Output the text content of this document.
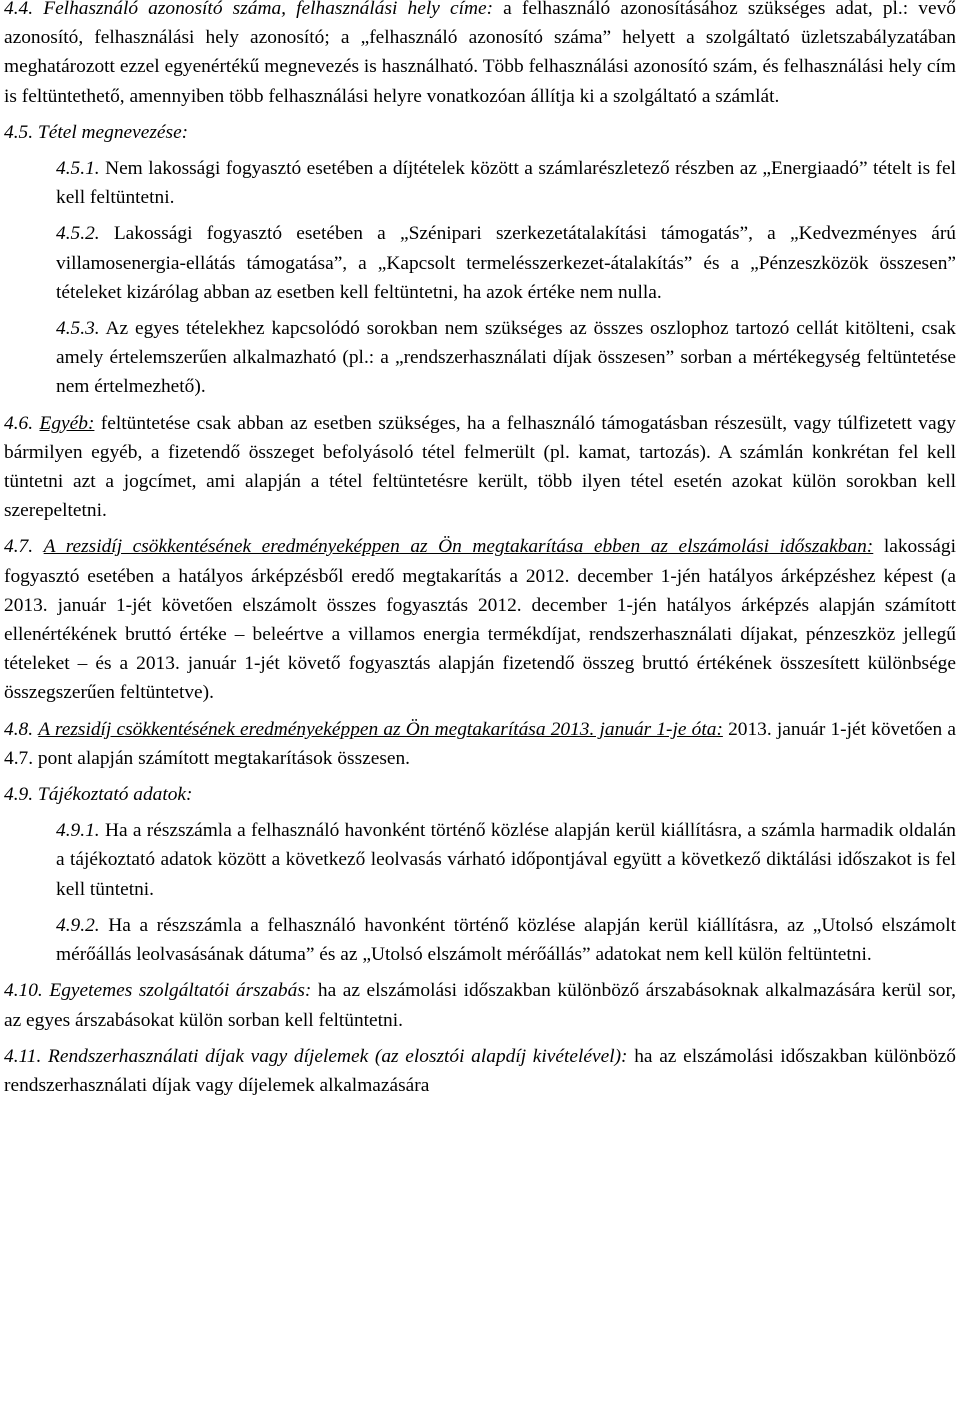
4.4. Felhasználó azonosító száma, felhasználási hely címe: a felhasználó azonosításához szükséges adat, pl.: vevő azonosító, felhasználási hely azonosító; a „felhasználó azonosító száma” helyett a szolgáltató üzletszabályzatában meghatározott ezzel egyenértékű megnevezés is használható. Több felhasználási azonosító szám, és felhasználási hely cím is feltüntethető, amennyiben több felhasználási helyre vonatkozóan állítja ki a szolgáltató a számlát.

4.5. Tétel megnevezése:

4.5.1. Nem lakossági fogyasztó esetében a díjtételek között a számlarészletező részben az „Energiaadó” tételt is fel kell feltüntetni.

4.5.2. Lakossági fogyasztó esetében a „Szénipari szerkezetátalakítási támogatás”, a „Kedvezményes árú villamosenergia-ellátás támogatása”, a „Kapcsolt termelésszerkezet-átalakítás” és a „Pénzeszközök összesen” tételeket kizárólag abban az esetben kell feltüntetni, ha azok értéke nem nulla.

4.5.3. Az egyes tételekhez kapcsolódó sorokban nem szükséges az összes oszlophoz tartozó cellát kitölteni, csak amely értelemszerűen alkalmazható (pl.: a „rendszerhasználati díjak összesen” sorban a mértékegység feltüntetése nem értelmezhető).

4.6. Egyéb: feltüntetése csak abban az esetben szükséges, ha a felhasználó támogatásban részesült, vagy túlfizetett vagy bármilyen egyéb, a fizetendő összeget befolyásoló tétel felmerült (pl. kamat, tartozás). A számlán konkrétan fel kell tüntetni azt a jogcímet, ami alapján a tétel feltüntetésre került, több ilyen tétel esetén azokat külön sorokban kell szerepeltetni.

4.7. A rezsidíj csökkentésének eredményeképpen az Ön megtakarítása ebben az elszámolási időszakban: lakossági fogyasztó esetében a hatályos árképzésből eredő megtakarítás a 2012. december 1-jén hatályos árképzéshez képest (a 2013. január 1-jét követően elszámolt összes fogyasztás 2012. december 1-jén hatályos árképzés alapján számított ellenértékének bruttó értéke – beleértve a villamos energia termékdíjat, rendszerhasználati díjakat, pénzeszköz jellegű tételeket – és a 2013. január 1-jét követő fogyasztás alapján fizetendő összeg bruttó értékének összesített különbsége összegszerűen feltüntetve).

4.8. A rezsidíj csökkentésének eredményeképpen az Ön megtakarítása 2013. január 1-je óta: 2013. január 1-jét követően a 4.7. pont alapján számított megtakarítások összesen.

4.9. Tájékoztató adatok:

4.9.1. Ha a részszámla a felhasználó havonként történő közlése alapján kerül kiállításra, a számla harmadik oldalán a tájékoztató adatok között a következő leolvasás várható időpontjával együtt a következő diktálási időszakot is fel kell tüntetni.

4.9.2. Ha a részszámla a felhasználó havonként történő közlése alapján kerül kiállításra, az „Utolsó elszámolt mérőállás leolvasásának dátuma” és az „Utolsó elszámolt mérőállás” adatokat nem kell külön feltüntetni.

4.10. Egyetemes szolgáltatói árszabás: ha az elszámolási időszakban különböző árszabásoknak alkalmazására kerül sor, az egyes árszabásokat külön sorban kell feltüntetni.

4.11. Rendszerhasználati díjak vagy díjelemek (az elosztói alapdíj kivételével): ha az elszámolási időszakban különböző rendszerhasználati díjak vagy díjelemek alkalmazására
